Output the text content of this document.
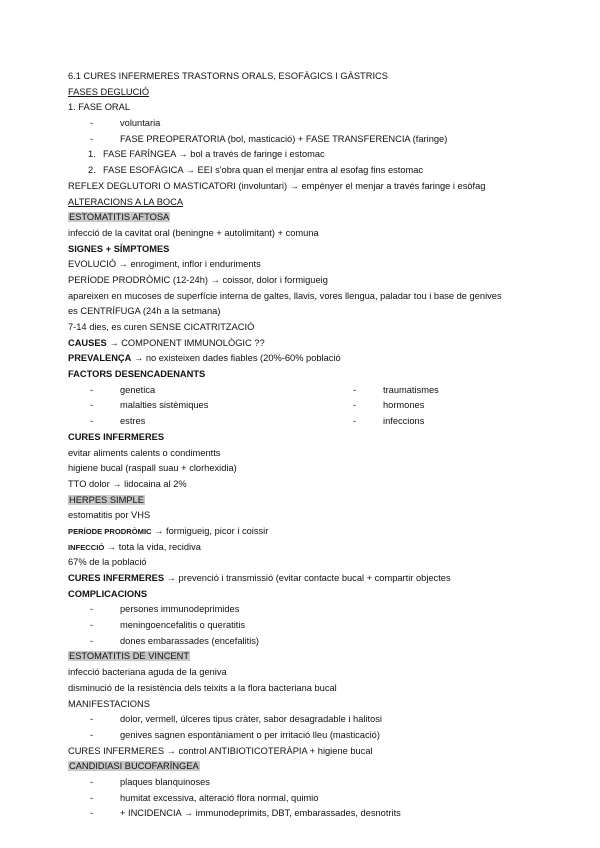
6.1 CURES INFERMERES TRASTORNS ORALS, ESOFÀGICS I GÀSTRICS
FASES DEGLUCIÓ
1. FASE ORAL
-	voluntaria
-	FASE PREOPERATORIA (bol, masticació) + FASE TRANSFERENCIA (faringe)
1. FASE FARÍNGEA → bol a través de faringe i estomac
2. FASE ESOFÀGICA → EEI s'obra quan el menjar entra al esofag fins estomac
REFLEX DEGLUTORI O MASTICATORI (involuntari) → empènyer el menjar a través faringe i esòfag
ALTERACIONS A LA BOCA
ESTOMATITIS AFTOSA
infecció de la cavitat oral (beningne + autolimitant) + comuna
SIGNES + SÍMPTOMES
EVOLUCIÓ → enrogiment, inflor i enduriments
PERÍODE PRODRÒMIC (12-24h) → coissor, dolor i formigueig
apareixen en mucoses de superfície interna de galtes, llavis, vores llengua, paladar tou i base de genives
es CENTRÍFUGA (24h a la setmana)
7-14 dies, es curen SENSE CICATRITZACIÓ
CAUSES → COMPONENT IMMUNOLÒGIC ??
PREVALENÇA → no existeixen dades fiables (20%-60% població
FACTORS DESENCADENANTS
-	genetica	-	traumatismes
-	malalties sistèmiques	-	hormones
-	estres	-	infeccions
CURES INFERMERES
evitar aliments calents o condimentts
higiene bucal (raspall suau + clorhexidia)
TTO dolor → lidocaina al 2%
HERPES SIMPLE
estomatitis por VHS
PERÍODE PRODRÒMIC → formigueig, picor i coissir
INFECCIÓ → tota la vida, recidiva
67% de la població
CURES INFERMERES → prevenció i transmissió (evitar contacte bucal + compartir objectes
COMPLICACIONS
-	persones immunodeprimides
-	meningoencefalitis o queratitis
-	dones embarassades (encefalitis)
ESTOMATITIS DE VINCENT
infecció bacteriana aguda de la geniva
disminució de la resistència dels teixits a la flora bacteriana bucal
MANIFESTACIONS
-	dolor, vermell, úlceres tipus cràter, sabor desagradable i halitosi
-	genives sagnen espontàniament o per irritació lleu (masticació)
CURES INFERMERES → control ANTIBIOTICOTERÀPIA + higiene bucal
CANDIDIASI BUCOFARÍNGEA
-	plaques blanquinoses
-	humitat excessiva, alteració flora normal, quimio
-	+ INCIDENCIA → immunodeprimits, DBT, embarassades, desnotrits
